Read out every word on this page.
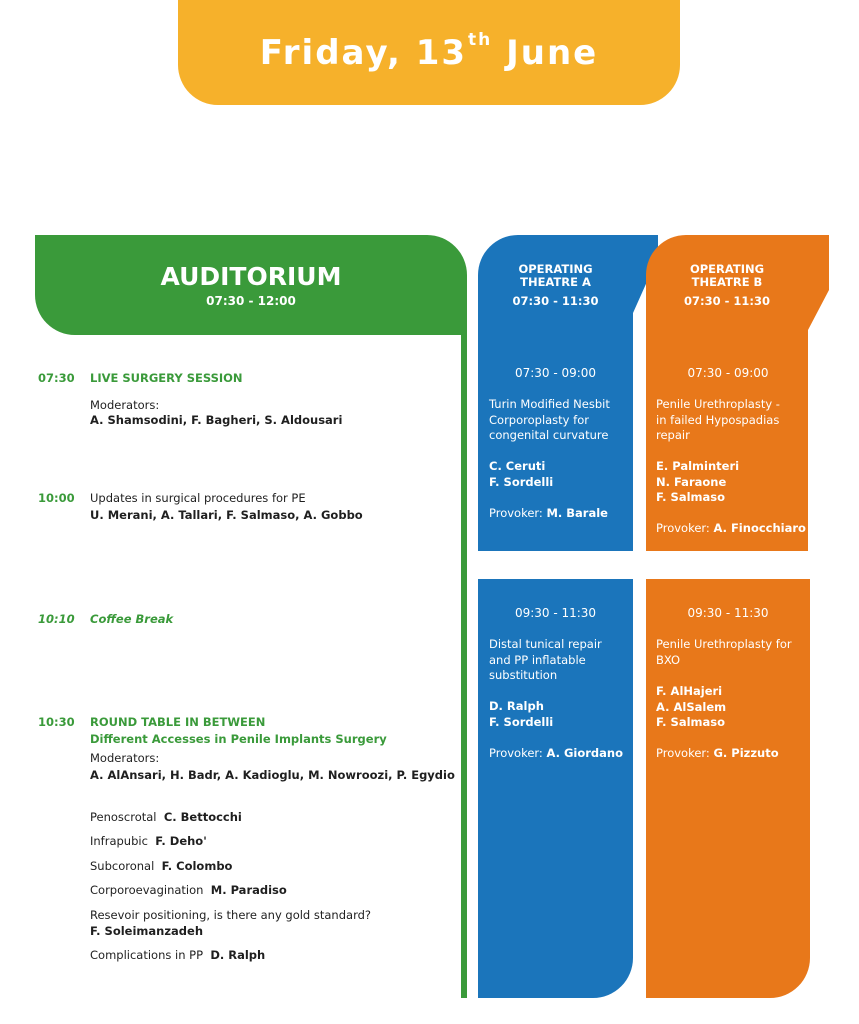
Friday, 13th June
AUDITORIUM
07:30 - 12:00
07:30 LIVE SURGERY SESSION
Moderators:
A. Shamsodini, F. Bagheri, S. Aldousari
10:00 Updates in surgical procedures for PE
U. Merani, A. Tallari, F. Salmaso, A. Gobbo
10:10 Coffee Break
10:30 ROUND TABLE IN BETWEEN
Different Accesses in Penile Implants Surgery
Moderators:
A. AlAnsari, H. Badr, A. Kadioglu, M. Nowroozi, P. Egydio
Penoscrotal C. Bettocchi
Infrapubic F. Deho'
Subcoronal F. Colombo
Corporoevagination M. Paradiso
Resevoir positioning, is there any gold standard?
F. Soleimanzadeh
Complications in PP D. Ralph
OPERATING
THEATRE A
07:30 - 11:30
07:30 - 09:00
Turin Modified Nesbit
Corporoplasty for
congenital curvature
C. Ceruti
F. Sordelli
Provoker: M. Barale
09:30 - 11:30
Distal tunical repair
and PP inflatable
substitution
D. Ralph
F. Sordelli
Provoker: A. Giordano
OPERATING
THEATRE B
07:30 - 11:30
07:30 - 09:00
Penile Urethroplasty -
in failed Hypospadias
repair
E. Palminteri
N. Faraone
F. Salmaso
Provoker: A. Finocchiaro
09:30 - 11:30
Penile Urethroplasty for
BXO
F. AlHajeri
A. AlSalem
F. Salmaso
Provoker: G. Pizzuto
